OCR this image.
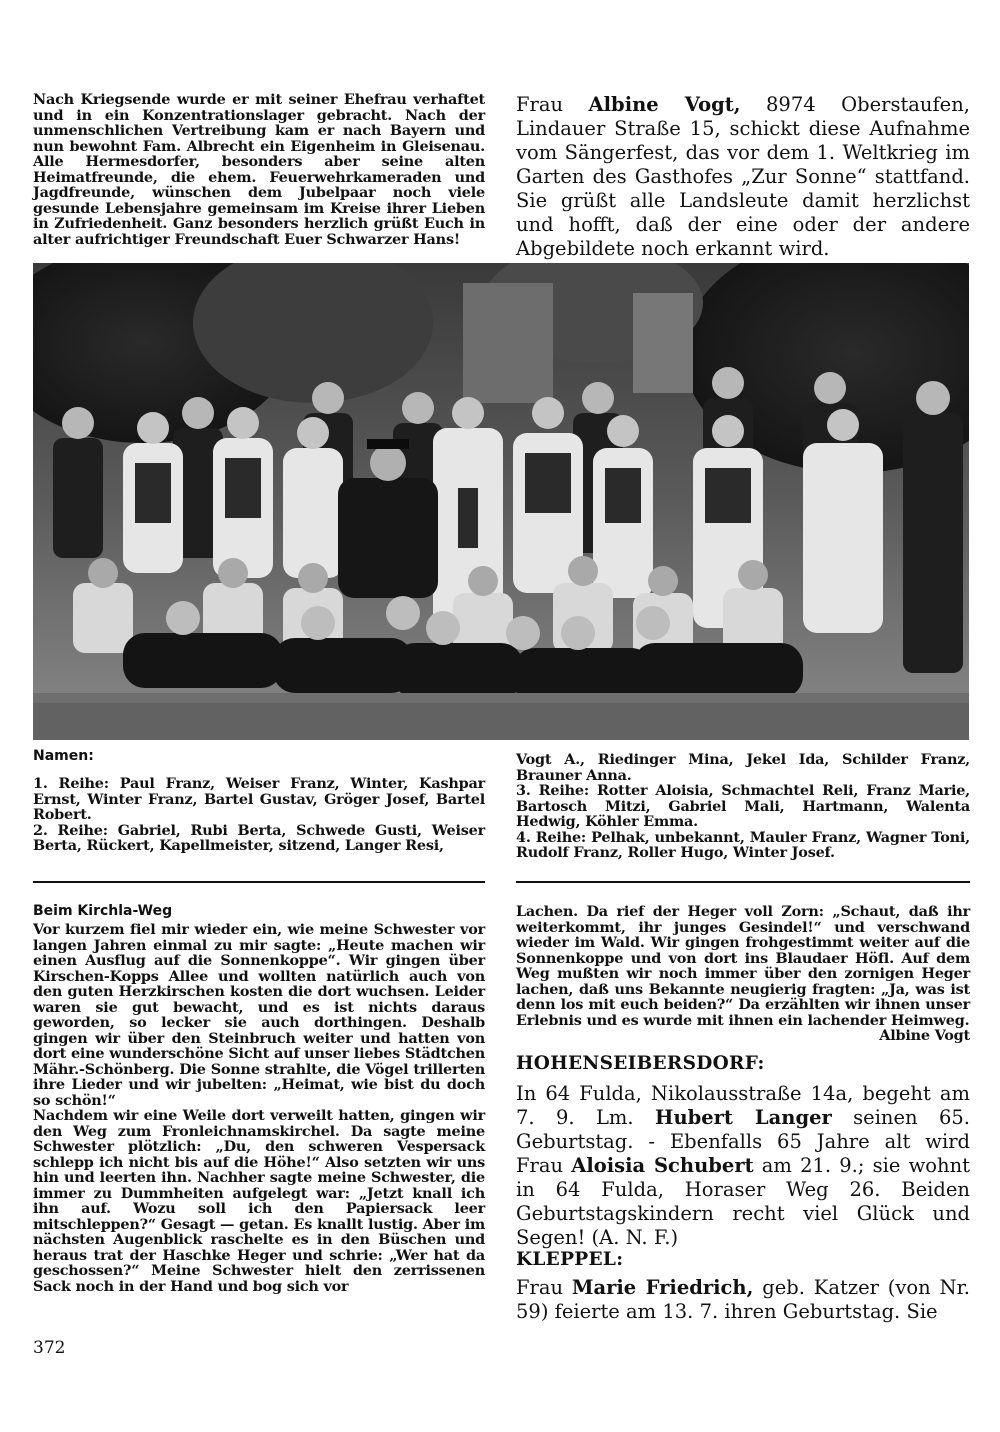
Nach Kriegsende wurde er mit seiner Ehefrau verhaftet und in ein Konzentrationslager gebracht. Nach der unmenschlichen Vertreibung kam er nach Bayern und nun bewohnt Fam. Albrecht ein Eigenheim in Gleisenau. Alle Hermesdorfer, besonders aber seine alten Heimatfreunde, die ehem. Feuerwehrkameraden und Jagdfreunde, wünschen dem Jubelpaar noch viele gesunde Lebensjahre gemeinsam im Kreise ihrer Lieben in Zufriedenheit. Ganz besonders herzlich grüßt Euch in alter aufrichtiger Freundschaft Euer Schwarzer Hans!

Frau Albine Vogt, 8974 Oberstaufen, Lindauer Straße 15, schickt diese Aufnahme vom Sängerfest, das vor dem 1. Weltkrieg im Garten des Gasthofes „Zur Sonne“ stattfand. Sie grüßt alle Landsleute damit herzlichst und hofft, daß der eine oder der andere Abgebildete noch erkannt wird.

Namen:

1. Reihe: Paul Franz, Weiser Franz, Winter, Kashpar Ernst, Winter Franz, Bartel Gustav, Gröger Josef, Bartel Robert.

2. Reihe: Gabriel, Rubi Berta, Schwede Gusti, Weiser Berta, Rückert, Kapellmeister, sitzend, Langer Resi,

Vogt A., Riedinger Mina, Jekel Ida, Schilder Franz, Brauner Anna.

3. Reihe: Rotter Aloisia, Schmachtel Reli, Franz Marie, Bartosch Mitzi, Gabriel Mali, Hartmann, Walenta Hedwig, Köhler Emma.

4. Reihe: Pelhak, unbekannt, Mauler Franz, Wagner Toni, Rudolf Franz, Roller Hugo, Winter Josef.

Beim Kirchla-Weg

Vor kurzem fiel mir wieder ein, wie meine Schwester vor langen Jahren einmal zu mir sagte: „Heute machen wir einen Ausflug auf die Sonnenkoppe“. Wir gingen über Kirschen-Kopps Allee und wollten natürlich auch von den guten Herzkirschen kosten die dort wuchsen. Leider waren sie gut bewacht, und es ist nichts daraus geworden, so lecker sie auch dorthingen. Deshalb gingen wir über den Steinbruch weiter und hatten von dort eine wunderschöne Sicht auf unser liebes Städtchen Mähr.-Schönberg. Die Sonne strahlte, die Vögel trillerten ihre Lieder und wir jubelten: „Heimat, wie bist du doch so schön!“

Nachdem wir eine Weile dort verweilt hatten, gingen wir den Weg zum Fronleichnamskirchel. Da sagte meine Schwester plötzlich: „Du, den schweren Vespersack schlepp ich nicht bis auf die Höhe!“ Also setzten wir uns hin und leerten ihn. Nachher sagte meine Schwester, die immer zu Dummheiten aufgelegt war: „Jetzt knall ich ihn auf. Wozu soll ich den Papiersack leer mitschleppen?“ Gesagt — getan. Es knallt lustig. Aber im nächsten Augenblick raschelte es in den Büschen und heraus trat der Haschke Heger und schrie: „Wer hat da geschossen?“ Meine Schwester hielt den zerrissenen Sack noch in der Hand und bog sich vor

Lachen. Da rief der Heger voll Zorn: „Schaut, daß ihr weiterkommt, ihr junges Gesindel!“ und verschwand wieder im Wald. Wir gingen frohgestimmt weiter auf die Sonnenkoppe und von dort ins Blaudaer Höfl. Auf dem Weg mußten wir noch immer über den zornigen Heger lachen, daß uns Bekannte neugierig fragten: „Ja, was ist denn los mit euch beiden?“ Da erzählten wir ihnen unser Erlebnis und es wurde mit ihnen ein lachender Heimweg.

Albine Vogt
HOHENSEIBERSDORF:

In 64 Fulda, Nikolausstraße 14a, begeht am 7. 9. Lm. Hubert Langer seinen 65. Geburtstag. - Ebenfalls 65 Jahre alt wird Frau Aloisia Schubert am 21. 9.; sie wohnt in 64 Fulda, Horaser Weg 26. Beiden Geburtstagskindern recht viel Glück und Segen! (A. N. F.)

KLEPPEL:

Frau Marie Friedrich, geb. Katzer (von Nr. 59) feierte am 13. 7. ihren Geburtstag. Sie

372
